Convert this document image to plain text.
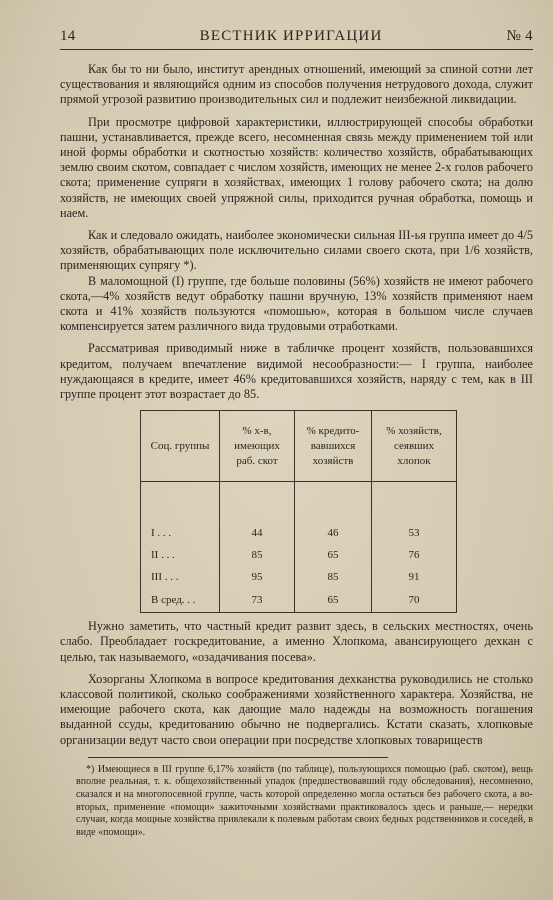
14	ВЕСТНИК ИРРИГАЦИИ	№ 4

Как бы то ни было, институт арендных отношений, имеющий за спиной сотни лет существования и являющийся одним из способов получения нетрудового дохода, служит прямой угрозой развитию производительных сил и подлежит неизбежной ликвидации.

При просмотре цифровой характеристики, иллюстрирующей способы обработки пашни, устанавливается, прежде всего, несомненная связь между применением той или иной формы обработки и скотностью хозяйств: количество хозяйств, обрабатывающих землю своим скотом, совпадает с числом хозяйств, имеющих не менее 2-х голов рабочего скота; применение супряги в хозяйствах, имеющих 1 голову рабочего скота; на долю хозяйств, не имеющих своей упряжной силы, приходится ручная обработка, помощь и наем.

Как и следовало ожидать, наиболее экономически сильная III-ья группа имеет до 4/5 хозяйств, обрабатывающих поле исключительно силами своего скота, при 1/6 хозяйств, применяющих супрягу *).

В маломощной (I) группе, где больше половины (56%) хозяйств не имеют рабочего скота,—4% хозяйств ведут обработку пашни вручную, 13% хозяйств применяют наем скота и 41% хозяйств пользуются «помошью», которая в большом числе случаев компенсируется затем различного вида трудовыми отработками.

Рассматривая приводимый ниже в табличке процент хозяйств, пользовавшихся кредитом, получаем впечатление видимой несообразности:— I группа, наиболее нуждающаяся в кредите, имеет 46% кредитовавшихся хозяйств, наряду с тем, как в III группе процент этот возрастает до 85.

Соц. группы	% х-в, имеющих раб. скот	% кредито- вавшихся хозяйств	% хозяйств, сеявших хлопок
I . . .	44	46	53
II . . .	85	65	76
III . . .	95	85	91
В сред. . .	73	65	70

Нужно заметить, что частный кредит развит здесь, в сельских местностях, очень слабо. Преобладает госкредитование, а именно Хлопкома, авансирующего дехкан с целью, так называемого, «озадачивания посева».

Хозорганы Хлопкома в вопросе кредитования дехканства руководились не столько классовой политикой, сколько соображениями хозяйственного характера. Хозяйства, не имеющие рабочего скота, как дающие мало надежды на возможность погашения выданной ссуды, кредитованию обычно не подвергались. Кстати сказать, хлопковые организации ведут часто свои операции при посредстве хлопковых товариществ

*) Имеющиеся в III группе 6,17% хозяйств (по таблице), пользующихся помощью (раб. скотом), вещь вполне реальная, т. к. общехозяйственный упадок (предшествовавший году обследования), несомненно, сказался и на многопосевной группе, часть которой определенно могла остаться без рабочего скота, а во-вторых, применение «помощи» зажиточными хозяйствами практиковалось здесь и раньше,— нередки случаи, когда мощные хозяйства привлекали к полевым работам своих бедных родственников и соседей, в виде «помощи».
